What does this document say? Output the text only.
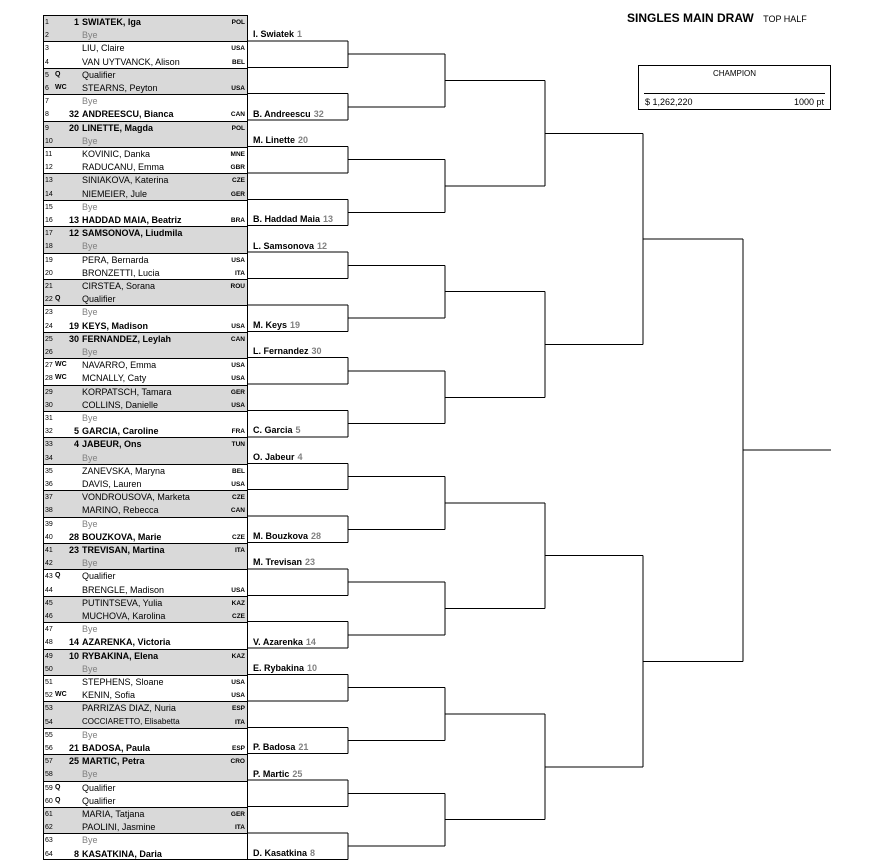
SINGLES MAIN DRAW TOP HALF
CHAMPION
$ 1,262,220	1000 pt
1	1 SWIATEK, Iga	POL
2	Bye
3	LIU, Claire	USA
4	VAN UYTVANCK, Alison	BEL
5 Q	Qualifier
6 WC STEARNS, Peyton	USA
7	Bye
8	32 ANDREESCU, Bianca	CAN
9	20 LINETTE, Magda	POL
10	Bye
11	KOVINIC, Danka	MNE
12	RADUCANU, Emma	GBR
13	SINIAKOVA, Katerina	CZE
14	NIEMEIER, Jule	GER
15	Bye
16	13 HADDAD MAIA, Beatriz	BRA
17	12 SAMSONOVA, Liudmila
18	Bye
19	PERA, Bernarda	USA
20	BRONZETTI, Lucia	ITA
21	CIRSTEA, Sorana	ROU
22 Q	Qualifier
23	Bye
24	19 KEYS, Madison	USA
25	30 FERNANDEZ, Leylah	CAN
26	Bye
27 WC NAVARRO, Emma	USA
28 WC MCNALLY, Caty	USA
29	KORPATSCH, Tamara	GER
30	COLLINS, Danielle	USA
31	Bye
32	5 GARCIA, Caroline	FRA
33	4 JABEUR, Ons	TUN
34	Bye
35	ZANEVSKA, Maryna	BEL
36	DAVIS, Lauren	USA
37	VONDROUSOVA, Marketa	CZE
38	MARINO, Rebecca	CAN
39	Bye
40	28 BOUZKOVA, Marie	CZE
41	23 TREVISAN, Martina	ITA
42	Bye
43 Q	Qualifier
44	BRENGLE, Madison	USA
45	PUTINTSEVA, Yulia	KAZ
46	MUCHOVA, Karolina	CZE
47	Bye
48	14 AZARENKA, Victoria
49	10 RYBAKINA, Elena	KAZ
50	Bye
51	STEPHENS, Sloane	USA
52 WC KENIN, Sofia	USA
53	PARRIZAS DIAZ, Nuria	ESP
54	COCCIARETTO, Elisabetta	ITA
55	Bye
56	21 BADOSA, Paula	ESP
57	25 MARTIC, Petra	CRO
58	Bye
59 Q	Qualifier
60 Q	Qualifier
61	MARIA, Tatjana	GER
62	PAOLINI, Jasmine	ITA
63	Bye
64	8 KASATKINA, Daria
I. Swiatek 1
B. Andreescu 32
M. Linette 20
B. Haddad Maia 13
L. Samsonova 12
M. Keys 19
L. Fernandez 30
C. Garcia 5
O. Jabeur 4
M. Bouzkova 28
M. Trevisan 23
V. Azarenka 14
E. Rybakina 10
P. Badosa 21
P. Martic 25
D. Kasatkina 8
